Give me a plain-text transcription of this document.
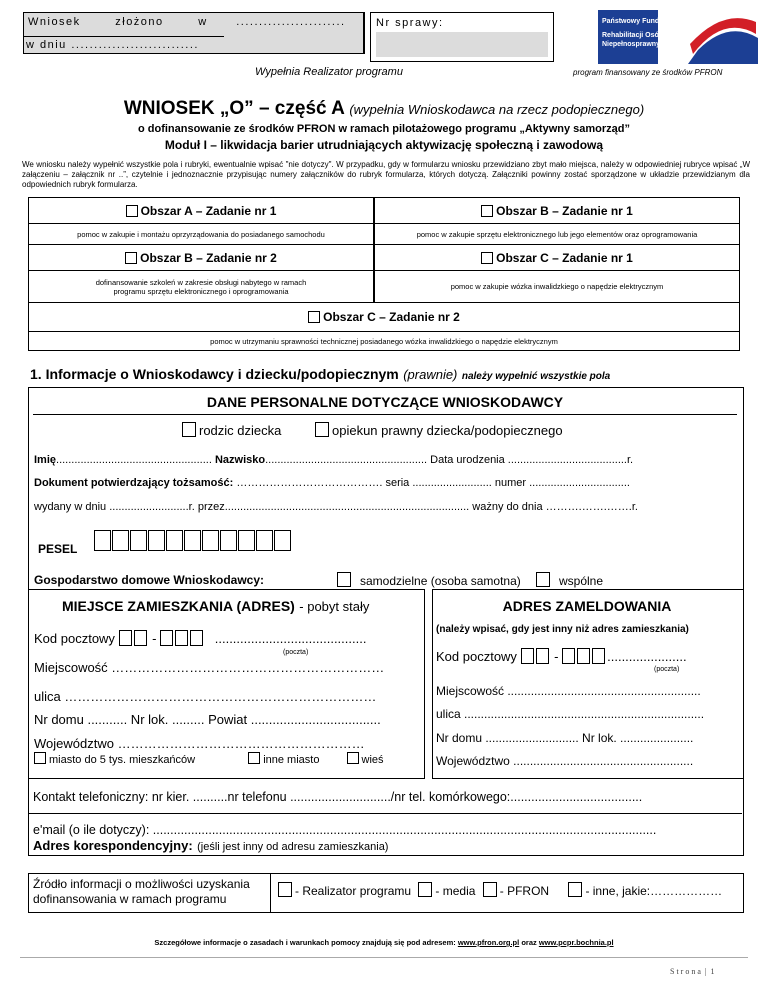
Wniosek	złożono	w	........................
w dniu ............................
Nr sprawy:	Państwowy Fundusz
Rehabilitacji Osób
Niepełnosprawnych
Wypełnia Realizator programu	program finansowany ze środków PFRON
WNIOSEK „O” – część A (wypełnia Wnioskodawca na rzecz podopiecznego)
o dofinansowanie ze środków PFRON w ramach pilotażowego programu „Aktywny samorząd”
Moduł I – likwidacja barier utrudniających aktywizację społeczną i zawodową
We wniosku należy wypełnić wszystkie pola i rubryki, ewentualnie wpisać "nie dotyczy". W przypadku, gdy w formularzu wniosku przewidziano zbyt mało miejsca, należy w odpowiedniej rubryce wpisać „W załączeniu – załącznik nr ..”, czytelnie i jednoznacznie przypisując numery załączników do rubryk formularza, których dotyczą. Załączniki powinny zostać sporządzone w układzie przewidzianym dla odpowiednich rubryk formularza.
Obszar A – Zadanie nr 1	Obszar B – Zadanie nr 1
pomoc w zakupie i montażu oprzyrządowania do posiadanego samochodu	pomoc w zakupie sprzętu elektronicznego lub jego elementów oraz oprogramowania
Obszar B – Zadanie nr 2	Obszar C – Zadanie nr 1
dofinansowanie szkoleń w zakresie obsługi nabytego w ramach programu sprzętu elektronicznego i oprogramowania	pomoc w zakupie wózka inwalidzkiego o napędzie elektrycznym
Obszar C – Zadanie nr 2
pomoc w utrzymaniu sprawności technicznej posiadanego wózka inwalidzkiego o napędzie elektrycznym
1. Informacje o Wnioskodawcy i dziecku/podopiecznym (prawnie) należy wypełnić wszystkie pola
DANE PERSONALNE DOTYCZĄCE WNIOSKODAWCY
rodzic dziecka	opiekun prawny dziecka/podopiecznego
Imię................................................... Nazwisko..................................................... Data urodzenia .......................................r.
Dokument potwierdzający tożsamość: …………………………………. seria .......................... numer .................................
wydany w dniu ..........................r. przez................................................................................ ważny do dnia ……….…….…….r.
PESEL
Gospodarstwo domowe Wnioskodawcy:	samodzielne (osoba samotna)	wspólne
MIEJSCE ZAMIESZKANIA (ADRES) - pobyt stały
Kod pocztowy	-	..........................................
(poczta)
Miejscowość ………………………………………………………
ulica ………………………………………………………………
Nr domu ........... Nr lok. ......... Powiat ....................................
Województwo …………………………………………………
miasto do 5 tys. mieszkańców	inne miasto	wieś
ADRES ZAMELDOWANIA
(należy wpisać, gdy jest inny niż adres zamieszkania)
Kod pocztowy	-	......................
(poczta)
Miejscowość ..........................................................
ulica ........................................................................
Nr domu ............................ Nr lok. ......................
Województwo ......................................................
Kontakt telefoniczny: nr kier. ..........nr telefonu ............................./nr tel. komórkowego:......................................
e'mail (o ile dotyczy): .................................................................................................................................................
Adres korespondencyjny: (jeśli jest inny od adresu zamieszkania)
Źródło informacji o możliwości uzyskania dofinansowania w ramach programu
- Realizator programu - media - PFRON	- inne, jakie:………………
Szczegółowe informacje o zasadach i warunkach pomocy znajdują się pod adresem: www.pfron.org.pl oraz www.pcpr.bochnia.pl
S t r o n a  |  1
